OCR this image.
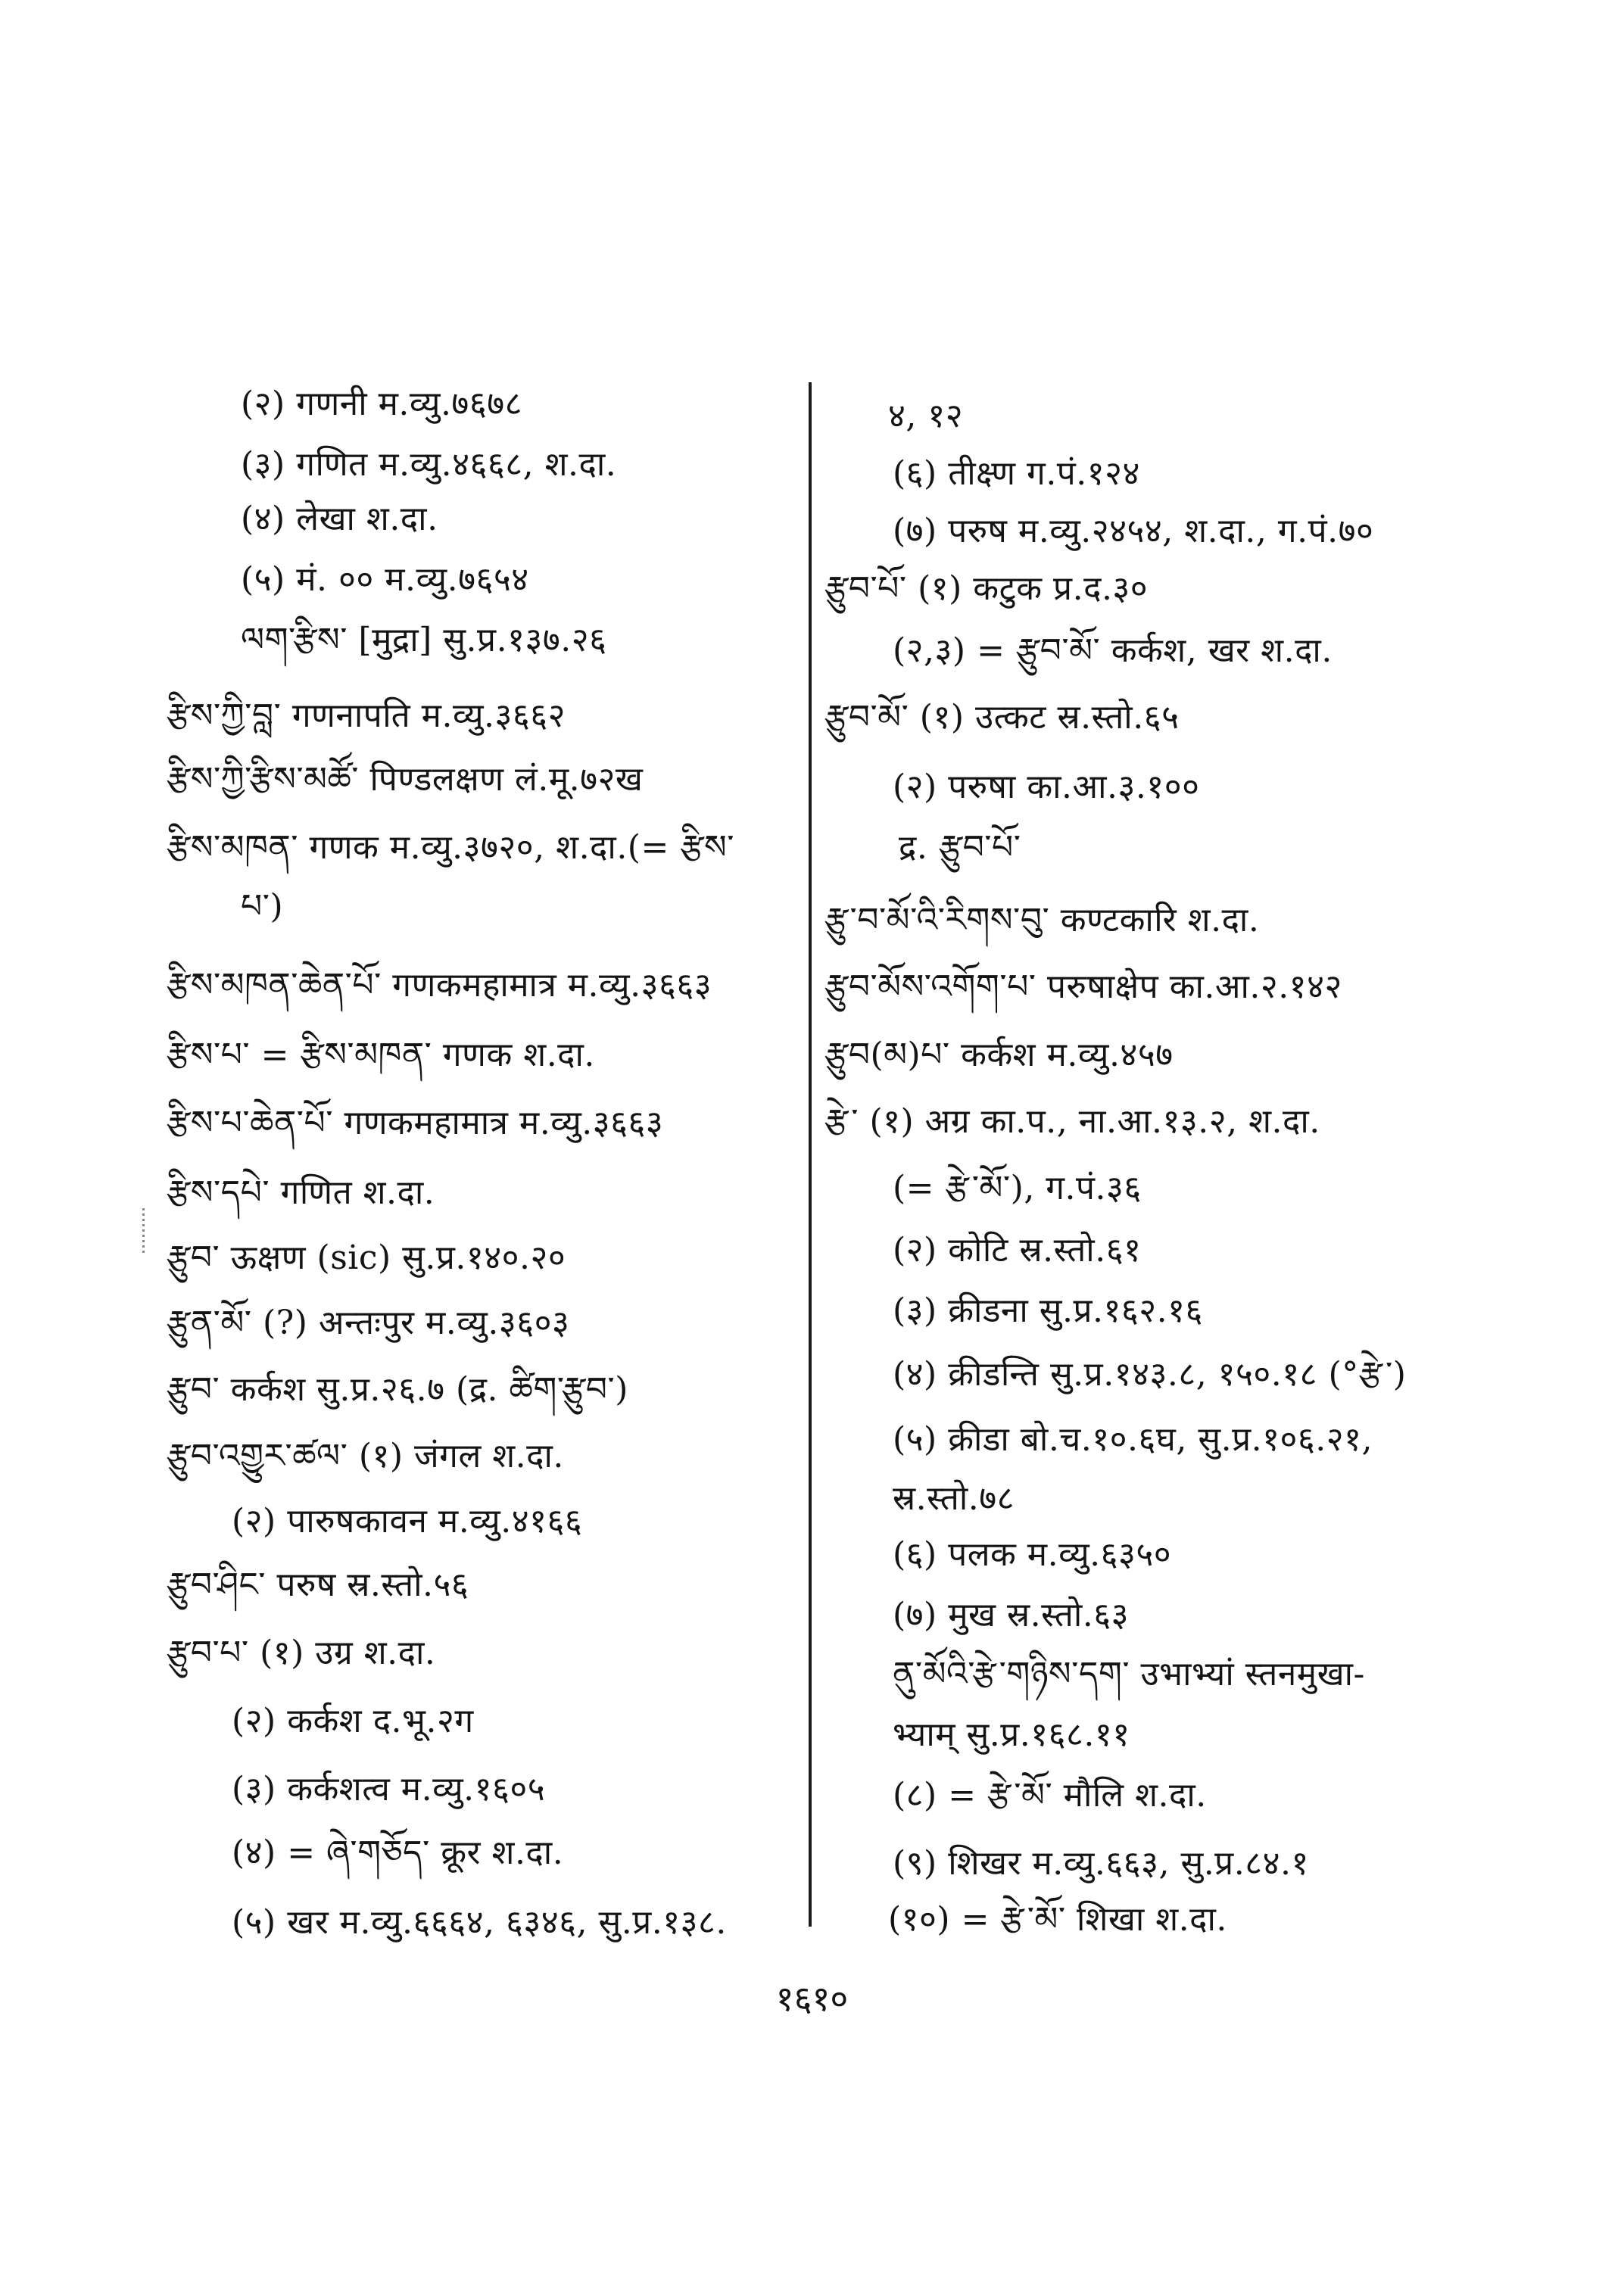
(२) गणनी म.व्यु.७६७८
(३) गणित म.व्यु.४६६८, श.दा.
(४) लेखा श.दा.
(५) मं. ०० म.व्यु.७६५४
ལག་རྩིས་ [मुद्रा] सु.प्र.१३७.२६
རྩིས་ཀྱི་བླ་ गणनापति म.व्यु.३६६२
རྩིས་ཀྱི་རྩིས་མཚོ་ पिण्डलक्षण लं.मू.७२ख
རྩིས་མཁན་ गणक म.व्यु.३७२०, श.दा.(= རྩིས་
པ་)
རྩིས་མཁན་ཆེན་པོ་ गणकमहामात्र म.व्यु.३६६३
རྩིས་པ་ = རྩིས་མཁན་ गणक श.दा.
རྩིས་པ་ཆེན་པོ་ गणकमहामात्र म.व्यु.३६६३
རྩིས་དཔེ་ गणित श.दा.
རྩུབ་ ऊक्षण (sic) सु.प्र.१४०.२०
རྩུན་མོ་ (?) अन्तःपुर म.व्यु.३६०३
རྩུབ་ कर्कश सु.प्र.२६.७ (द्र. ཚིག་རྩུབ་)
རྩུབ་འགྱུར་ཚལ་ (१) जंगल श.दा.
(२) पारुषकावन म.व्यु.४१६६
རྩུབ་ཤིང་ परुष स्र.स्तो.५६
རྩུབ་པ་ (१) उग्र श.दा.
(२) कर्कश द.भू.२ग
(३) कर्कशत्व म.व्यु.१६०५
(४) = ཞེ་གཅོད་ क्रूर श.दा.
(५) खर म.व्यु.६६६४, ६३४६, सु.प्र.१३८.
४, १२
(६) तीक्ष्ण ग.पं.१२४
(७) परुष म.व्यु.२४५४, श.दा., ग.पं.७०
རྩུབ་པོ་ (१) कटुक प्र.द.३०
(२,३) = རྩུབ་མོ་ कर्कश, खर श.दा.
རྩུབ་མོ་ (१) उत्कट स्र.स्तो.६५
(२) परुषा का.आ.३.१००
द्र. རྩུབ་པོ་
རྩུ་བ་མོ་འི་རིགས་བུ་ कण्टकारि श.दा.
རྩུབ་མོས་འགོག་པ་ परुषाक्षेप का.आ.२.१४२
རྩུབ(མ)པ་ कर्कश म.व्यु.४५७
རྩེ་ (१) अग्र का.प., ना.आ.१३.२, श.दा.
(= རྩེ་མོ་), ग.पं.३६
(२) कोटि स्र.स्तो.६१
(३) क्रीडना सु.प्र.१६२.१६
(४) क्रीडन्ति सु.प्र.१४३.८, १५०.१८ (°རྩེ་)
(५) क्रीडा बो.च.१०.६घ, सु.प्र.१०६.२१,
स्र.स्तो.७८
(६) पलक म.व्यु.६३५०
(७) मुख स्र.स्तो.६३
ནུ་མོའི་རྩེ་གཉིས་དག་ उभाभ्यां स्तनमुखा-
भ्याम् सु.प्र.१६८.११
(८) = རྩེ་མོ་ मौलि श.दा.
(९) शिखर म.व्यु.६६३, सु.प्र.८४.१
(१०) = རྩེ་མོ་ शिखा श.दा.
१६१०
